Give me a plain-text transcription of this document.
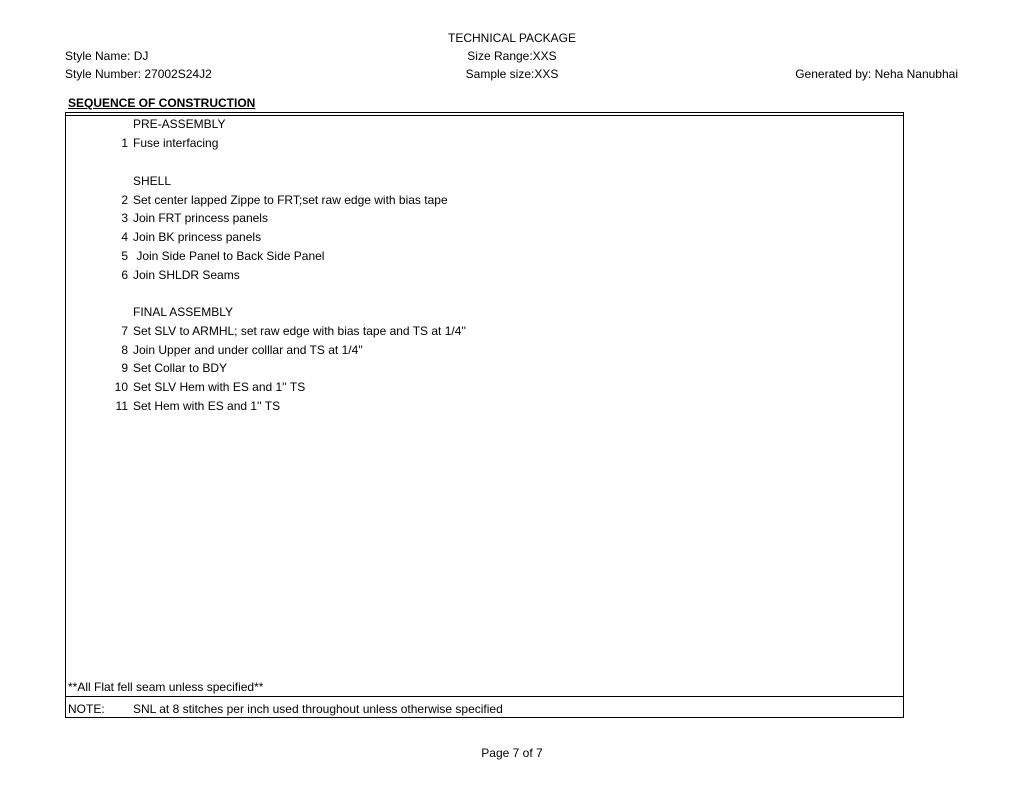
TECHNICAL PACKAGE
Style Name: DJ	Size Range:XXS
Style Number: 27002S24J2	Sample size:XXS	Generated by: Neha Nanubhai
SEQUENCE OF CONSTRUCTION
PRE-ASSEMBLY
1 Fuse interfacing
SHELL
2 Set center lapped Zippe to FRT;set raw edge with bias tape
3 Join FRT princess panels
4 Join BK princess panels
5 Join Side Panel to Back Side Panel
6 Join SHLDR Seams
FINAL ASSEMBLY
7 Set SLV to ARMHL; set raw edge with bias tape and TS at 1/4''
8 Join Upper and under colllar and TS at 1/4''
9 Set Collar to BDY
10 Set SLV Hem with ES and 1'' TS
11 Set Hem with ES and 1'' TS
**All Flat fell seam unless specified**
NOTE: SNL at 8 stitches per inch used throughout unless otherwise specified
Page 7 of 7
